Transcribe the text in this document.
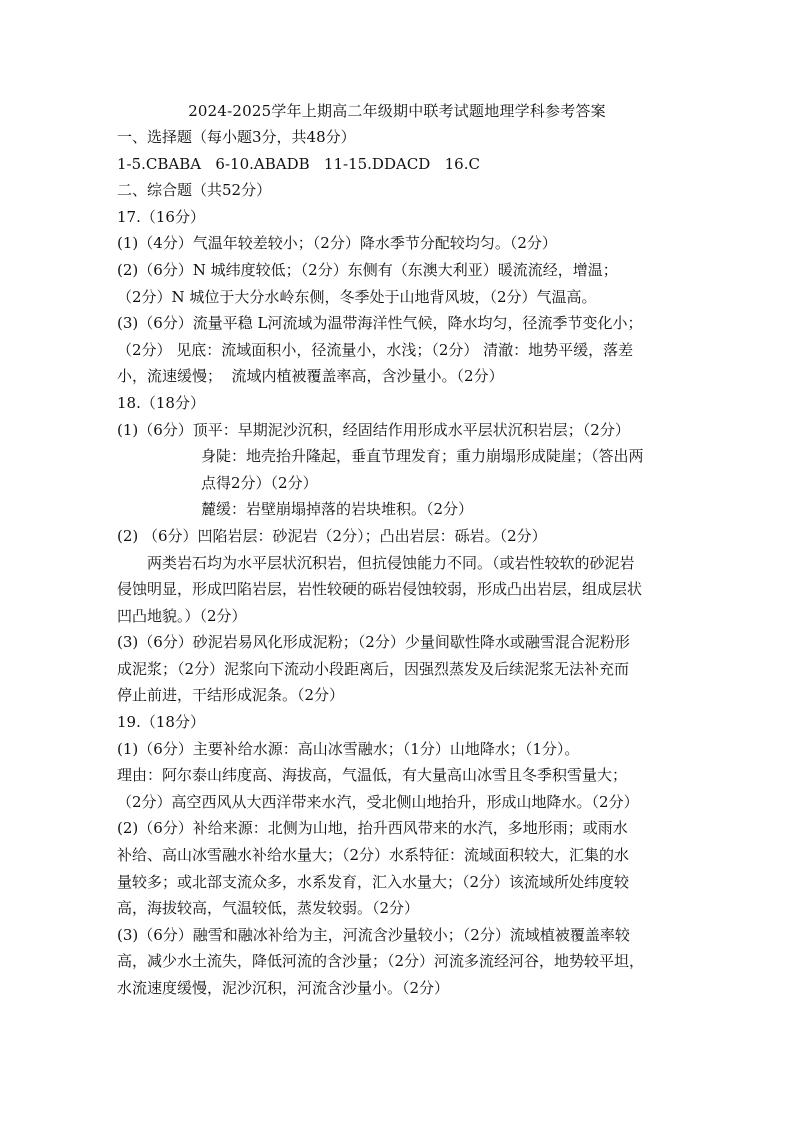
2024-2025学年上期高二年级期中联考试题地理学科参考答案
一、选择题（每小题3分，共48分）
1-5.CBABA   6-10.ABADB   11-15.DDACD   16.C
二、综合题（共52分）
17.（16分）
(1)（4分）气温年较差较小；（2分）降水季节分配较均匀。（2分）
(2)（6分）N 城纬度较低；（2分）东侧有（东澳大利亚）暖流流经，增温；
（2分）N 城位于大分水岭东侧，冬季处于山地背风坡，（2分）气温高。
(3)（6分）流量平稳 L河流域为温带海洋性气候，降水均匀，径流季节变化小；
（2分） 见底：流域面积小，径流量小，水浅；（2分） 清澈：地势平缓，落差
小，流速缓慢；  流域内植被覆盖率高，含沙量小。（2分）
18.（18分）
(1)（6分）顶平：早期泥沙沉积，经固结作用形成水平层状沉积岩层；（2分）
身陡：地壳抬升隆起，垂直节理发育；重力崩塌形成陡崖；（答出两
点得2分）（2分）
麓缓：岩壁崩塌掉落的岩块堆积。（2分）
(2) （6分）凹陷岩层：砂泥岩（2分）；凸出岩层：砾岩。（2分）
两类岩石均为水平层状沉积岩，但抗侵蚀能力不同。（或岩性较软的砂泥岩
侵蚀明显，形成凹陷岩层，岩性较硬的砾岩侵蚀较弱，形成凸出岩层，组成层状
凹凸地貌。）（2分）
(3)（6分）砂泥岩易风化形成泥粉；（2分）少量间歇性降水或融雪混合泥粉形
成泥浆；（2分）泥浆向下流动小段距离后，因强烈蒸发及后续泥浆无法补充而
停止前进，干结形成泥条。（2分）
19.（18分）
(1)（6分）主要补给水源：高山冰雪融水；（1分）山地降水；（1分）。
理由：阿尔泰山纬度高、海拔高，气温低，有大量高山冰雪且冬季积雪量大；
（2分）高空西风从大西洋带来水汽，受北侧山地抬升，形成山地降水。（2分）
(2)（6分）补给来源：北侧为山地，抬升西风带来的水汽，多地形雨；或雨水
补给、高山冰雪融水补给水量大；（2分）水系特征：流域面积较大，汇集的水
量较多；或北部支流众多，水系发育，汇入水量大；（2分）该流域所处纬度较
高，海拔较高，气温较低，蒸发较弱。（2分）
(3)（6分）融雪和融冰补给为主，河流含沙量较小；（2分）流域植被覆盖率较
高，减少水土流失，降低河流的含沙量；（2分）河流多流经河谷，地势较平坦，
水流速度缓慢，泥沙沉积，河流含沙量小。（2分）
